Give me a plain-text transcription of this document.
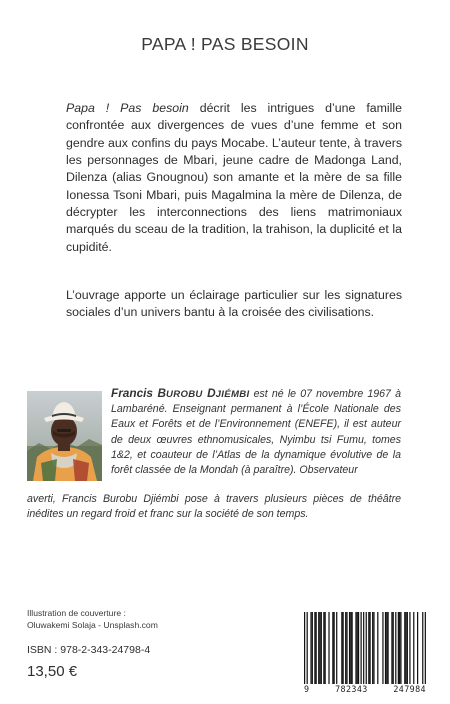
PAPA ! PAS BESOIN

Papa ! Pas besoin décrit les intrigues d’une famille confrontée aux divergences de vues d’une femme et son gendre aux confins du pays Mocabe. L’auteur tente, à travers les personnages de Mbari, jeune cadre de Madonga Land, Dilenza (alias Gnougnou) son amante et la mère de sa fille Ionessa Tsoni Mbari, puis Magalmina la mère de Dilenza, de décrypter les interconnections des liens matrimoniaux marqués du sceau de la tradition, la trahison, la duplicité et la cupidité.

L’ouvrage apporte un éclairage particulier sur les signatures sociales d’un univers bantu à la croisée des civilisations.

Francis BUROBU DJIÉMBI est né le 07 novembre 1967 à Lambaréné. Enseignant permanent à l’École Nationale des Eaux et Forêts et de l’Environnement (ENEFE), il est auteur de deux œuvres ethnomusicales, Nyimbu tsi Fumu, tomes 1&2, et coauteur de l’Atlas de la dynamique évolutive de la forêt classée de la Mondah (à paraître). Observateur

averti, Francis Burobu Djiémbi pose à travers plusieurs pièces de théâtre inédites un regard froid et franc sur la société de son temps.

Illustration de couverture :
Oluwakemi Solaja - Unsplash.com
ISBN : 978-2-343-24798-4
13,50 €
9	782343	247984
